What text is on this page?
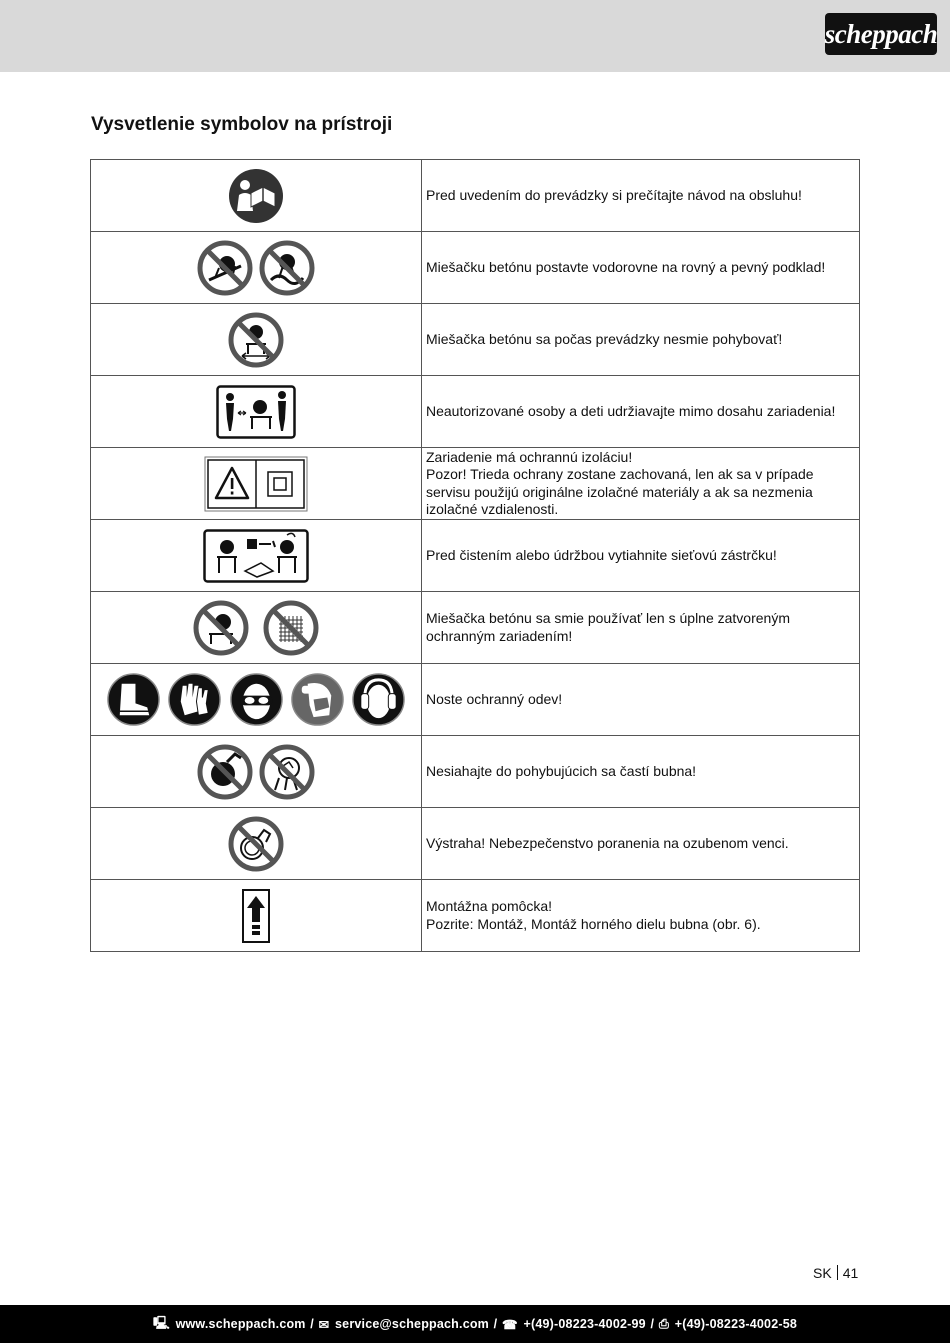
scheppach
Vysvetlenie symbolov na prístroji

Pred uvedením do prevádzky si prečítajte návod na obsluhu!

Miešačku betónu postavte vodorovne na rovný a pevný podklad!

Miešačka betónu sa počas prevádzky nesmie pohybovať!

Neautorizované osoby a deti udržiavajte mimo dosahu zariadenia!

Zariadenie má ochrannú izoláciu!
Pozor! Trieda ochrany zostane zachovaná, len ak sa v prípade servisu použijú originálne izolačné materiály a ak sa nezmenia izolačné vzdialenosti.

Pred čistením alebo údržbou vytiahnite sieťovú zástrčku!

Miešačka betónu sa smie používať len s úplne zatvoreným ochranným zariadením!

Noste ochranný odev!

Nesiahajte do pohybujúcich sa častí bubna!

Výstraha! Nebezpečenstvo poranenia na ozubenom venci.

Montážna pomôcka!
Pozrite: Montáž, Montáž horného dielu bubna (obr. 6).
SK 41
🖳︎
www.scheppach.com / ✉︎
service@scheppach.com / ☎︎
+(49)-08223-4002-99 / ⎙
+(49)-08223-4002-58
